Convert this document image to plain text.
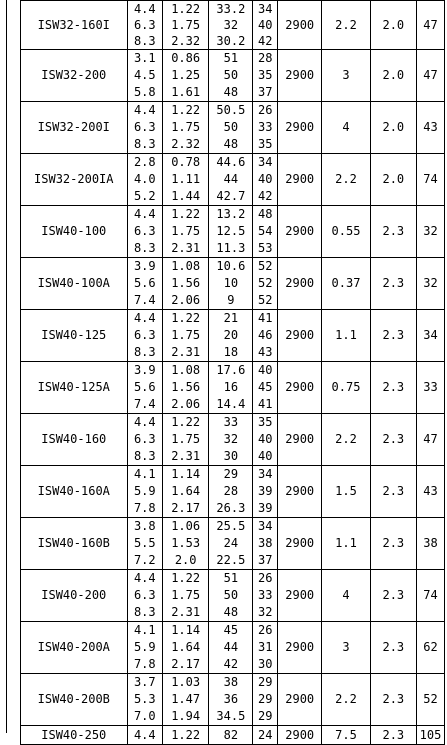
ISW32-160I	4.4
6.3
8.3	1.22
1.75
2.32	33.2
32
30.2	34
40
42	2900	2.2	2.0	47
ISW32-200	3.1
4.5
5.8	0.86
1.25
1.61	51
50
48	28
35
37	2900	3	2.0	47
ISW32-200I	4.4
6.3
8.3	1.22
1.75
2.32	50.5
50
48	26
33
35	2900	4	2.0	43
ISW32-200IA	2.8
4.0
5.2	0.78
1.11
1.44	44.6
44
42.7	34
40
42	2900	2.2	2.0	74
ISW40-100	4.4
6.3
8.3	1.22
1.75
2.31	13.2
12.5
11.3	48
54
53	2900	0.55	2.3	32
ISW40-100A	3.9
5.6
7.4	1.08
1.56
2.06	10.6
10
9	52
52
52	2900	0.37	2.3	32
ISW40-125	4.4
6.3
8.3	1.22
1.75
2.31	21
20
18	41
46
43	2900	1.1	2.3	34
ISW40-125A	3.9
5.6
7.4	1.08
1.56
2.06	17.6
16
14.4	40
45
41	2900	0.75	2.3	33
ISW40-160	4.4
6.3
8.3	1.22
1.75
2.31	33
32
30	35
40
40	2900	2.2	2.3	47
ISW40-160A	4.1
5.9
7.8	1.14
1.64
2.17	29
28
26.3	34
39
39	2900	1.5	2.3	43
ISW40-160B	3.8
5.5
7.2	1.06
1.53
2.0	25.5
24
22.5	34
38
37	2900	1.1	2.3	38
ISW40-200	4.4
6.3
8.3	1.22
1.75
2.31	51
50
48	26
33
32	2900	4	2.3	74
ISW40-200A	4.1
5.9
7.8	1.14
1.64
2.17	45
44
42	26
31
30	2900	3	2.3	62
ISW40-200B	3.7
5.3
7.0	1.03
1.47
1.94	38
36
34.5	29
29
29	2900	2.2	2.3	52
ISW40-250	4.4	1.22	82	24	2900	7.5	2.3	105
